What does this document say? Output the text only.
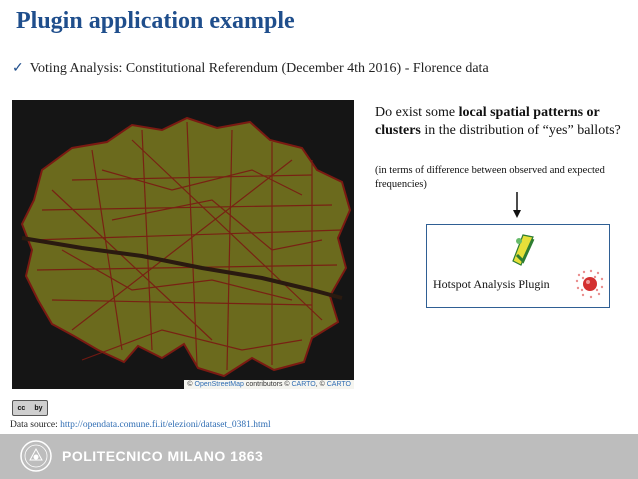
Plugin application example
✓ Voting Analysis: Constitutional Referendum (December 4th 2016) - Florence data
© OpenStreetMap contributors © CARTO, © CARTO
Do exist some local spatial patterns or clusters in the distribution of “yes” ballots?
(in terms of difference between observed and expected frequencies)
Hotspot Analysis Plugin
cc by
Data source: http://opendata.comune.fi.it/elezioni/dataset_0381.html
POLITECNICO MILANO 1863
